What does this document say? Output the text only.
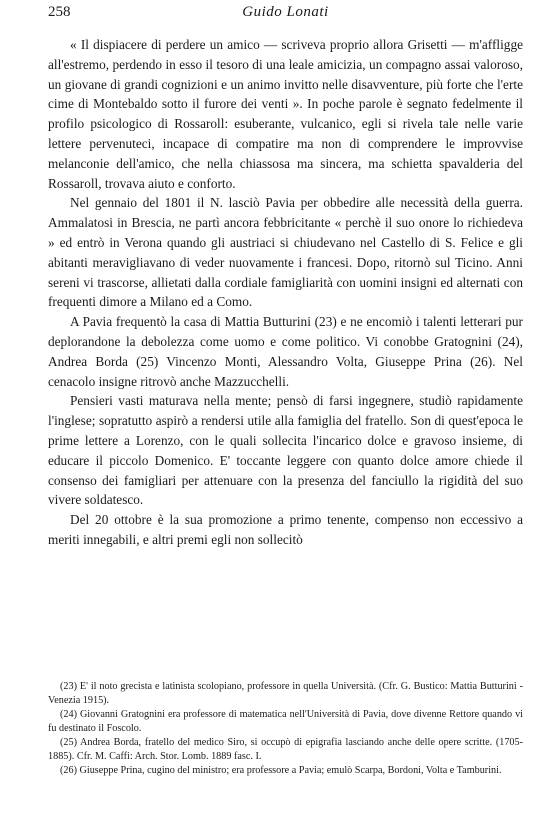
258	Guido Lonati

« Il dispiacere di perdere un amico — scriveva proprio allora Grisetti — m'affligge all'estremo, perdendo in esso il tesoro di una leale amicizia, un compagno assai valoroso, un giovane di grandi cognizioni e un animo invitto nelle disavventure, più forte che l'erte cime di Montebaldo sotto il furore dei venti ». In poche parole è segnato fedelmente il profilo psicologico di Rossaroll: esuberante, vulcanico, egli si rivela tale nelle varie lettere pervenuteci, incapace di compatire ma non di comprendere le improvvise melanconie dell'amico, che nella chiassosa ma sincera, ma schietta spavalderia del Rossaroll, trovava aiuto e conforto.

Nel gennaio del 1801 il N. lasciò Pavia per obbedire alle necessità della guerra. Ammalatosi in Brescia, ne partì ancora febbricitante « perchè il suo onore lo richiedeva » ed entrò in Verona quando gli austriaci si chiudevano nel Castello di S. Felice e gli abitanti meravigliavano di veder nuovamente i francesi. Dopo, ritornò sul Ticino. Anni sereni vi trascorse, allietati dalla cordiale famigliarità con uomini insigni ed alternati con frequenti dimore a Milano ed a Como.

A Pavia frequentò la casa di Mattia Butturini (23) e ne encomiò i talenti letterari pur deplorandone la debolezza come uomo e come politico. Vi conobbe Gratognini (24), Andrea Borda (25) Vincenzo Monti, Alessandro Volta, Giuseppe Prina (26). Nel cenacolo insigne ritrovò anche Mazzucchelli.

Pensieri vasti maturava nella mente; pensò di farsi ingegnere, studiò rapidamente l'inglese; sopratutto aspirò a rendersi utile alla famiglia del fratello. Son di quest'epoca le prime lettere a Lorenzo, con le quali sollecita l'incarico dolce e gravoso insieme, di educare il piccolo Domenico. E' toccante leggere con quanto dolce amore chiede il consenso dei famigliari per attenuare con la presenza del fanciullo la rigidità del suo vivere soldatesco.

Del 20 ottobre è la sua promozione a primo tenente, compenso non eccessivo a meriti innegabili, e altri premi egli non sollecitò

(23) E' il noto grecista e latinista scolopiano, professore in quella Università. (Cfr. G. Bustico: Mattia Butturini - Venezia 1915).

(24) Giovanni Gratognini era professore di matematica nell'Università di Pavia, dove divenne Rettore quando vi fu destinato il Foscolo.

(25) Andrea Borda, fratello del medico Siro, si occupò di epigrafia lasciando anche delle opere scritte. (1705-1885). Cfr. M. Caffi: Arch. Stor. Lomb. 1889 fasc. I.

(26) Giuseppe Prina, cugino del ministro; era professore a Pavia; emulò Scarpa, Bordoni, Volta e Tamburini.
